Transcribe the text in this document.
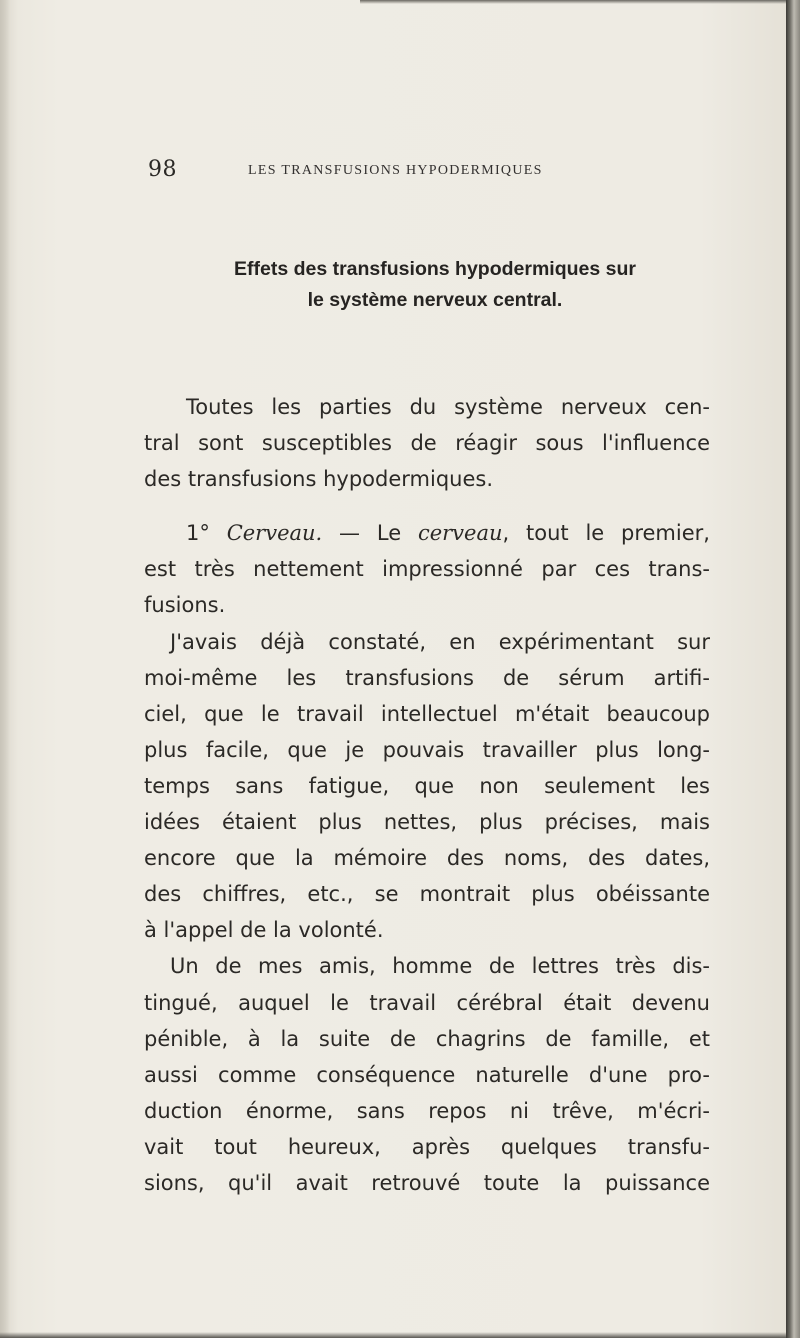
98	LES TRANSFUSIONS HYPODERMIQUES
Effets des transfusions hypodermiques sur
le système nerveux central.

Toutes les parties du système nerveux cen-
tral sont susceptibles de réagir sous l'influence
des transfusions hypodermiques.

1° Cerveau. — Le cerveau, tout le premier,
est très nettement impressionné par ces trans-
fusions.

J'avais déjà constaté, en expérimentant sur
moi-même les transfusions de sérum artifi-
ciel, que le travail intellectuel m'était beaucoup
plus facile, que je pouvais travailler plus long-
temps sans fatigue, que non seulement les
idées étaient plus nettes, plus précises, mais
encore que la mémoire des noms, des dates,
des chiffres, etc., se montrait plus obéissante
à l'appel de la volonté.

Un de mes amis, homme de lettres très dis-
tingué, auquel le travail cérébral était devenu
pénible, à la suite de chagrins de famille, et
aussi comme conséquence naturelle d'une pro-
duction énorme, sans repos ni trêve, m'écri-
vait tout heureux, après quelques transfu-
sions, qu'il avait retrouvé toute la puissance
